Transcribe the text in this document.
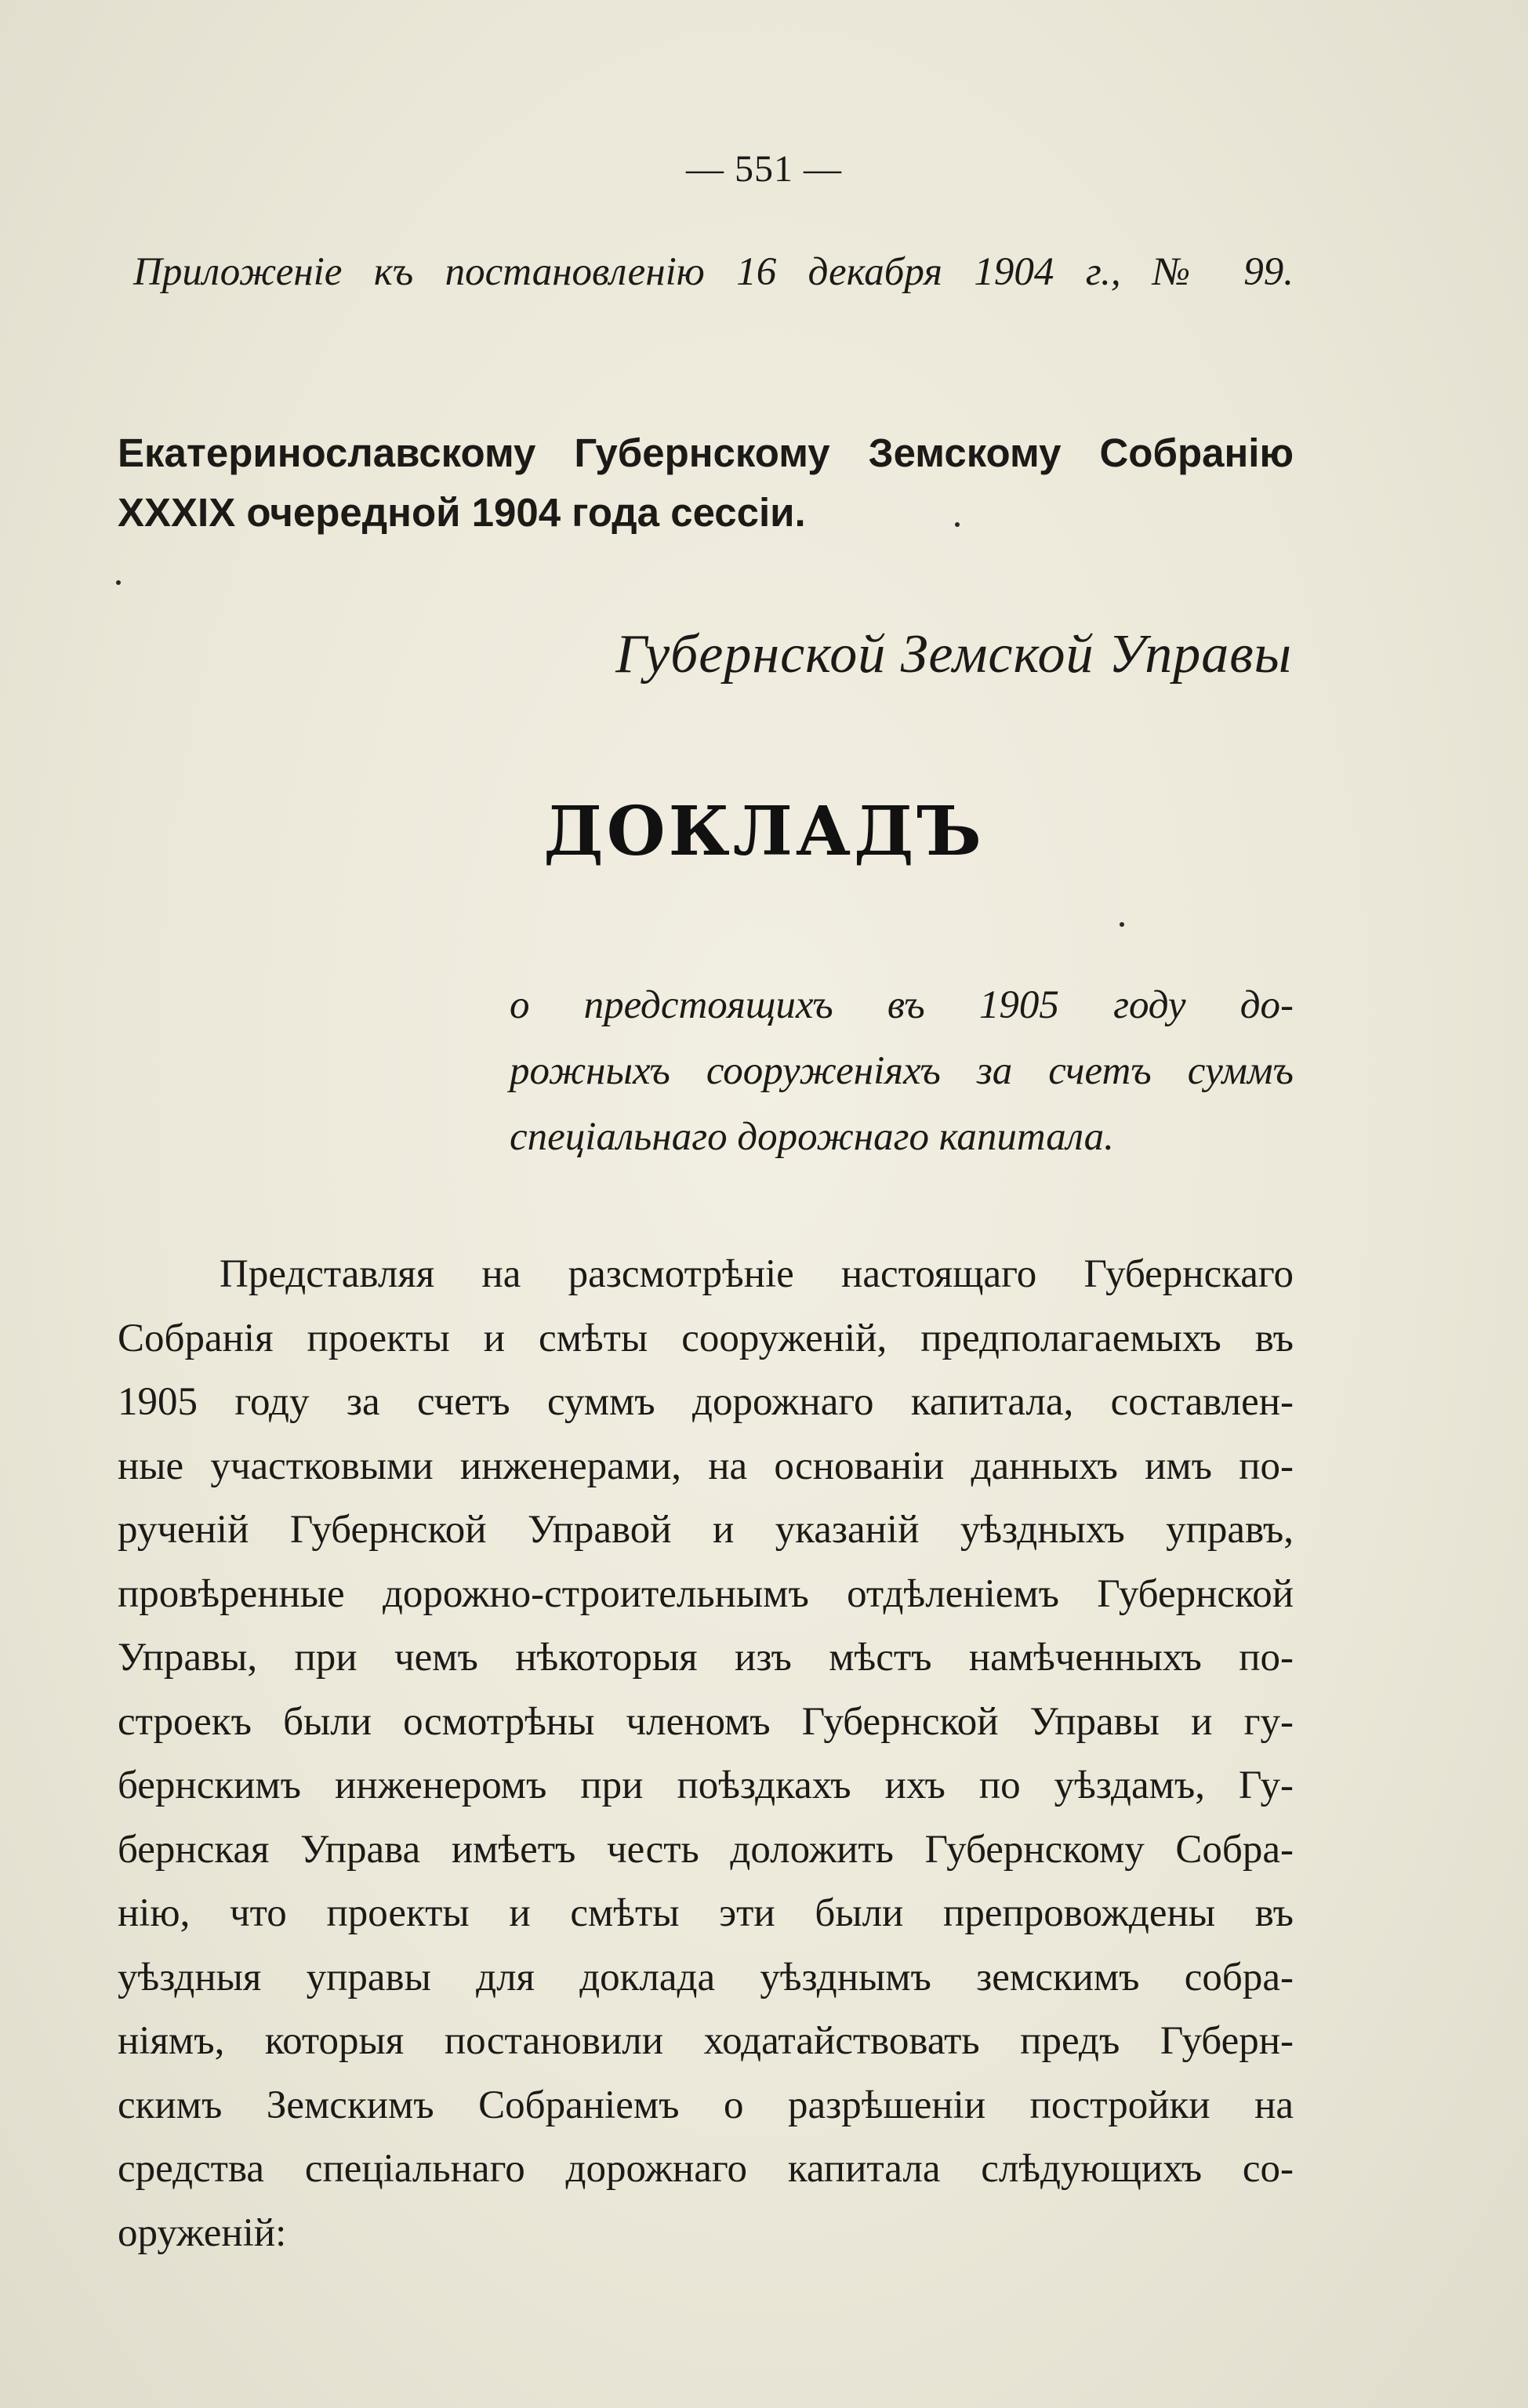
— 551 —
Приложеніе къ постановленію 16 декабря 1904 г., № 99.
Екатеринославскому Губернскому Земскому Собранію
XXXIX очередной 1904 года сессіи.
Губернской Земской Управы
ДОКЛАДЪ
о предстоящихъ въ 1905 году до-
рожныхъ сооруженіяхъ за счетъ суммъ
спеціальнаго дорожнаго капитала.
Представляя на разсмотрѣніе настоящаго Губернскаго
Собранія проекты и смѣты сооруженій, предполагаемыхъ въ
1905 году за счетъ суммъ дорожнаго капитала, составлен-
ные участковыми инженерами, на основаніи данныхъ имъ по-
рученій Губернской Управой и указаній уѣздныхъ управъ,
провѣренные дорожно-строительнымъ отдѣленіемъ Губернской
Управы, при чемъ нѣкоторыя изъ мѣстъ намѣченныхъ по-
строекъ были осмотрѣны членомъ Губернской Управы и гу-
бернскимъ инженеромъ при поѣздкахъ ихъ по уѣздамъ, Гу-
бернская Управа имѣетъ честь доложить Губернскому Собра-
нію, что проекты и смѣты эти были препровождены въ
уѣздныя управы для доклада уѣзднымъ земскимъ собра-
ніямъ, которыя постановили ходатайствовать предъ Губерн-
скимъ Земскимъ Собраніемъ о разрѣшеніи постройки на
средства спеціальнаго дорожнаго капитала слѣдующихъ со-
оруженій:
